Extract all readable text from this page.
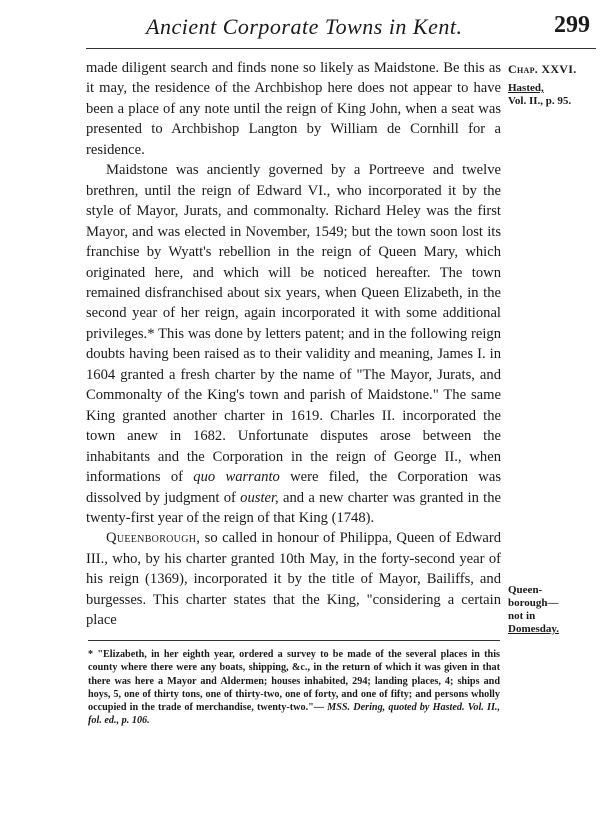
Ancient Corporate Towns in Kent.	299
Chap. XXVI.
Hasted,
Vol. II., p. 95.
Queen-
borough—
not in
Domesday.

made diligent search and finds none so likely as Maidstone. Be this as it may, the residence of the Archbishop here does not appear to have been a place of any note until the reign of King John, when a seat was presented to Archbishop Langton by William de Cornhill for a residence.

Maidstone was anciently governed by a Portreeve and twelve brethren, until the reign of Edward VI., who incorporated it by the style of Mayor, Jurats, and commonalty. Richard Heley was the first Mayor, and was elected in November, 1549; but the town soon lost its franchise by Wyatt's rebellion in the reign of Queen Mary, which originated here, and which will be noticed hereafter. The town remained disfranchised about six years, when Queen Elizabeth, in the second year of her reign, again incorporated it with some additional privileges.* This was done by letters patent; and in the following reign doubts having been raised as to their validity and meaning, James I. in 1604 granted a fresh charter by the name of "The Mayor, Jurats, and Commonalty of the King's town and parish of Maidstone." The same King granted another charter in 1619. Charles II. incorporated the town anew in 1682. Unfortunate disputes arose between the inhabitants and the Corporation in the reign of George II., when informations of quo warranto were filed, the Corporation was dissolved by judgment of ouster, and a new charter was granted in the twenty-first year of the reign of that King (1748).

Queenborough, so called in honour of Philippa, Queen of Edward III., who, by his charter granted 10th May, in the forty-second year of his reign (1369), incorporated it by the title of Mayor, Bailiffs, and burgesses. This charter states that the King, "considering a certain place

* "Elizabeth, in her eighth year, ordered a survey to be made of the several places in this county where there were any boats, shipping, &c., in the return of which it was given in that there was here a Mayor and Aldermen; houses inhabited, 294; landing places, 4; ships and hoys, 5, one of thirty tons, one of thirty-two, one of forty, and one of fifty; and persons wholly occupied in the trade of merchandise, twenty-two."— MSS. Dering, quoted by Hasted. Vol. II., fol. ed., p. 106.
